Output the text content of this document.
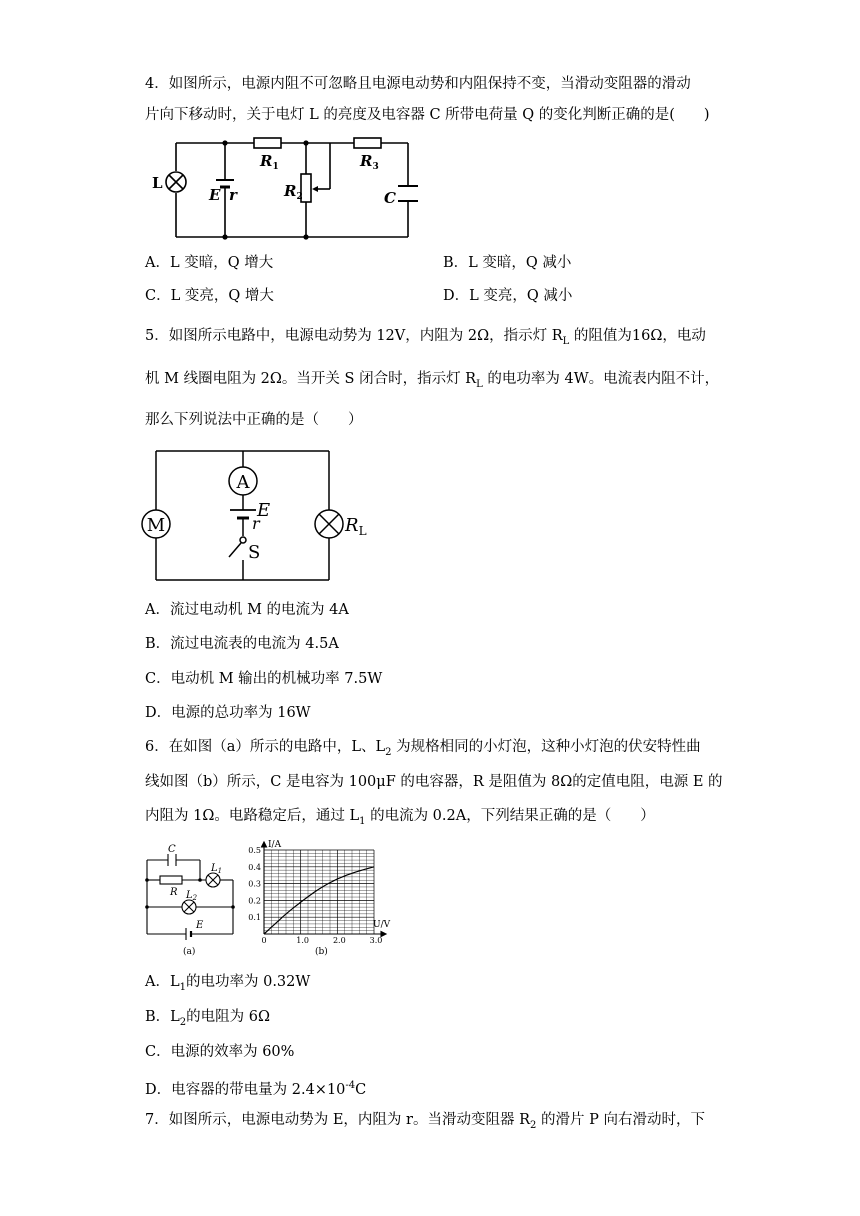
4．如图所示，电源内阻不可忽略且电源电动势和内阻保持不变，当滑动变阻器的滑动
片向下移动时，关于电灯 L 的亮度及电容器 C 所带电荷量 Q 的变化判断正确的是(　　)
L
E r
$R_1$
$R_2$
$R_3$
C
A．L 变暗，Q 增大	B．L 变暗，Q 减小
C．L 变亮，Q 增大	D．L 变亮，Q 减小
5．如图所示电路中，电源电动势为 12V，内阻为 2Ω，指示灯 $R_L$ 的阻值为16Ω，电动
机 M 线圈电阻为 2Ω。当开关 S 闭合时，指示灯 $R_L$ 的电功率为 4W。电流表内阻不计，
那么下列说法中正确的是（　　）
A
M
E
r
S
$R_L$
A．流过电动机 M 的电流为 4A
B．流过电流表的电流为 4.5A
C．电动机 M 输出的机械功率 7.5W
D．电源的总功率为 16W
6．在如图（a）所示的电路中，L、$L_2$ 为规格相同的小灯泡，这种小灯泡的伏安特性曲
线如图（b）所示，C 是电容为 100μF 的电容器，R 是阻值为 8Ω的定值电阻，电源 E 的
内阻为 1Ω。电路稳定后，通过 $L_1$ 的电流为 0.2A，下列结果正确的是（　　）
C
R
$L_1$
$L_2$
E
(a)
0	1.0	2.0	3.0
0.1
0.2
0.3
0.4
0.5
I/A
U/V
(b)
A．$L_1$的电功率为 0.32W
B．$L_2$的电阻为 6Ω
C．电源的效率为 60%
D．电容器的带电量为 $2.4\times 10^{-4}C$
7．如图所示，电源电动势为 E，内阻为 r。当滑动变阻器 $R_2$ 的滑片 P 向右滑动时，下
